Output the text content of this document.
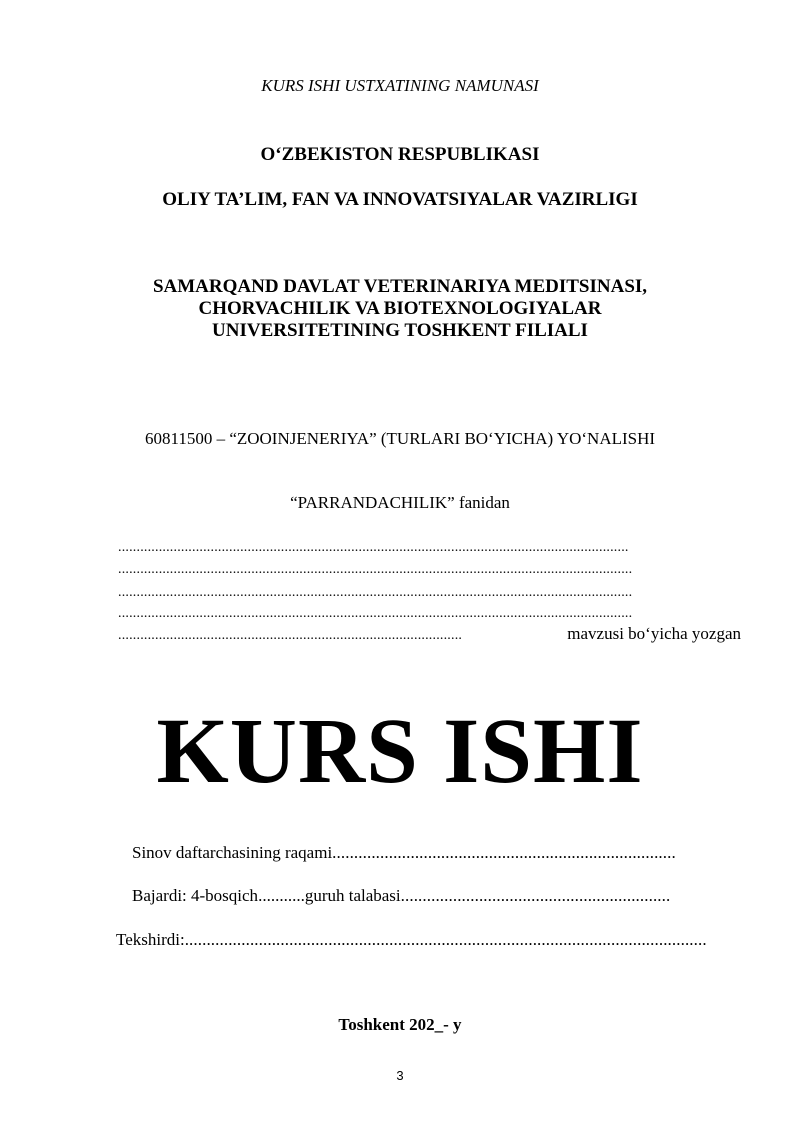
KURS ISHI USTXATINING NAMUNASI
O‘ZBEKISTON RESPUBLIKASI
OLIY TA’LIM, FAN VA INNOVATSIYALAR VAZIRLIGI
SAMARQAND DAVLAT VETERINARIYA MEDITSINASI,
CHORVACHILIK VA BIOTEXNOLOGIYALAR
UNIVERSITETINING TOSHKENT FILIALI
60811500 – “ZOOINJENERIYA” (TURLARI BO‘YICHA) YO‘NALISHI
“PARRANDACHILIK” fanidan
..........................................................................................................................................
...........................................................................................................................................
...........................................................................................................................................
...........................................................................................................................................
.............................................................................................	mavzusi bo‘yicha yozgan
KURS ISHI
Sinov daftarchasining raqami ...............................................................................
Bajardi: 4-bosqich ........... guruh talabasi ..............................................................
Tekshirdi: ........................................................................................................................
Toshkent 202_- y
3
